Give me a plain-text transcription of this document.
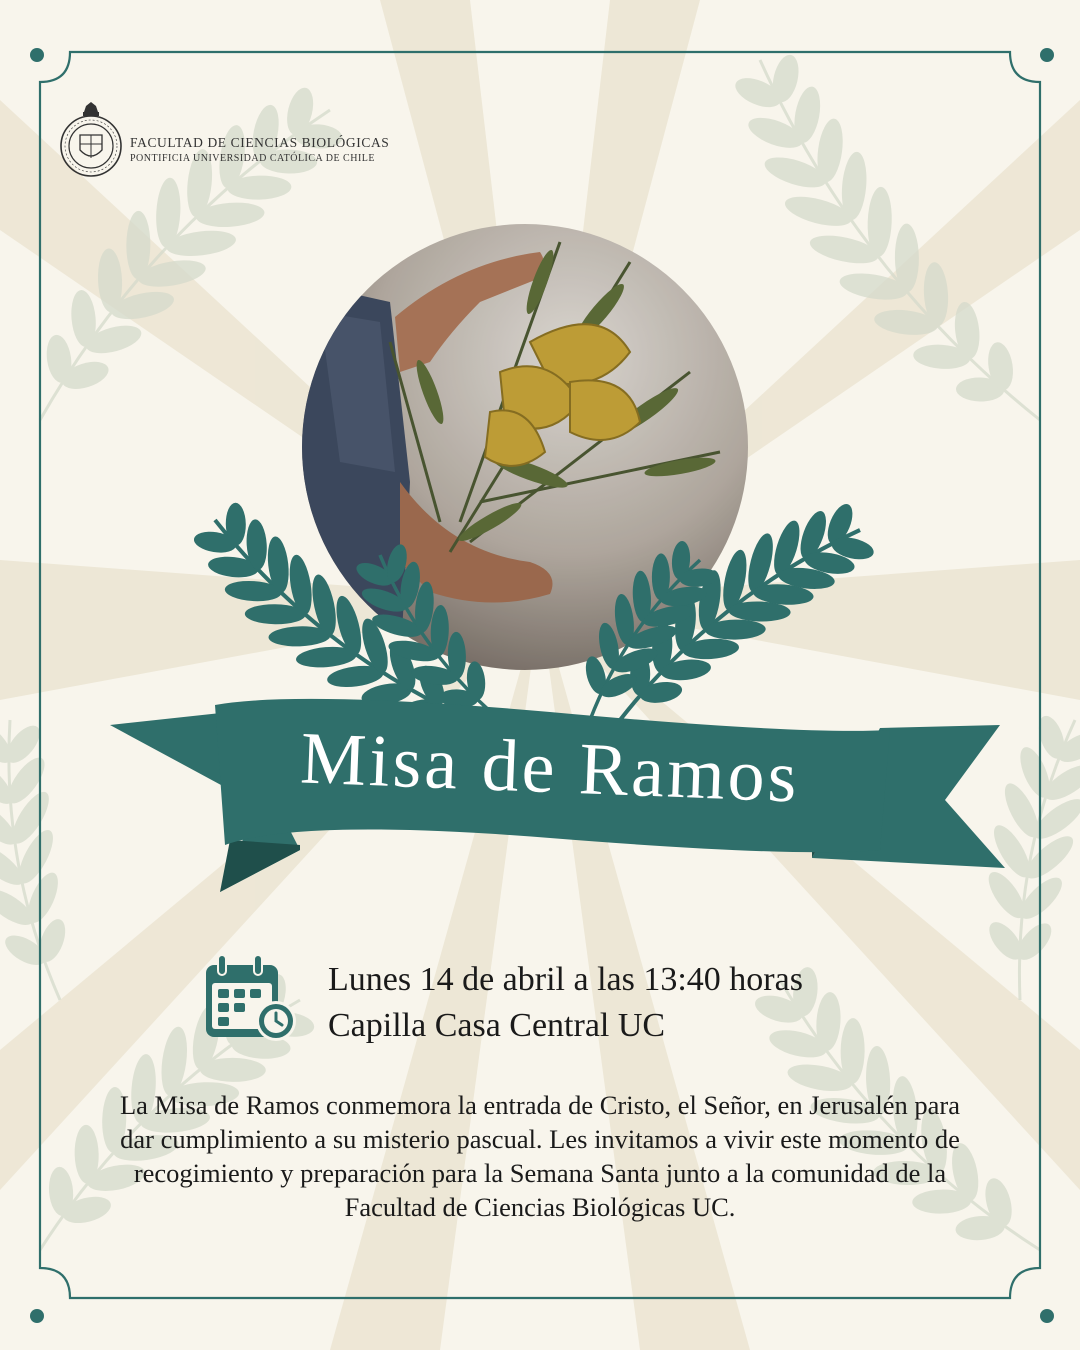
FACULTAD DE CIENCIAS BIOLÓGICAS
PONTIFICIA UNIVERSIDAD CATÓLICA DE CHILE
Misa de Ramos
Lunes 14 de abril a las 13:40 horas
Capilla Casa Central UC
La Misa de Ramos conmemora la entrada de Cristo, el Señor, en Jerusalén para dar cumplimiento a su misterio pascual. Les invitamos a vivir este momento de recogimiento y preparación para la Semana Santa junto a la comunidad de la Facultad de Ciencias Biológicas UC.
